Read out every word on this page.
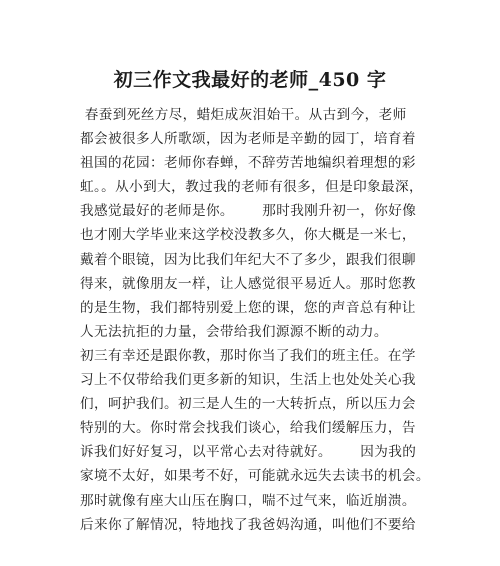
初三作文我最好的老师_450 字
春蚕到死丝方尽，蜡炬成灰泪始干。从古到今，老师
都会被很多人所歌颂，因为老师是辛勤的园丁，培育着
祖国的花园：老师你春蝉，不辞劳苦地编织着理想的彩
虹。。从小到大，教过我的老师有很多，但是印象最深，
我感觉最好的老师是你。      那时我刚升初一，你好像
也才刚大学毕业来这学校没教多久，你大概是一米七，
戴着个眼镜，因为比我们年纪大不了多少，跟我们很聊
得来，就像朋友一样，让人感觉很平易近人。那时您教
的是生物，我们都特别爱上您的课，您的声音总有种让
人无法抗拒的力量，会带给我们源源不断的动力。
初三有幸还是跟你教，那时你当了我们的班主任。在学
习上不仅带给我们更多新的知识，生活上也处处关心我
们，呵护我们。初三是人生的一大转折点，所以压力会
特别的大。你时常会找我们谈心，给我们缓解压力，告
诉我们好好复习，以平常心去对待就好。      因为我的
家境不太好，如果考不好，可能就永远失去读书的机会。
那时就像有座大山压在胸口，喘不过气来，临近崩溃。
后来你了解情况，特地找了我爸妈沟通，叫他们不要给
